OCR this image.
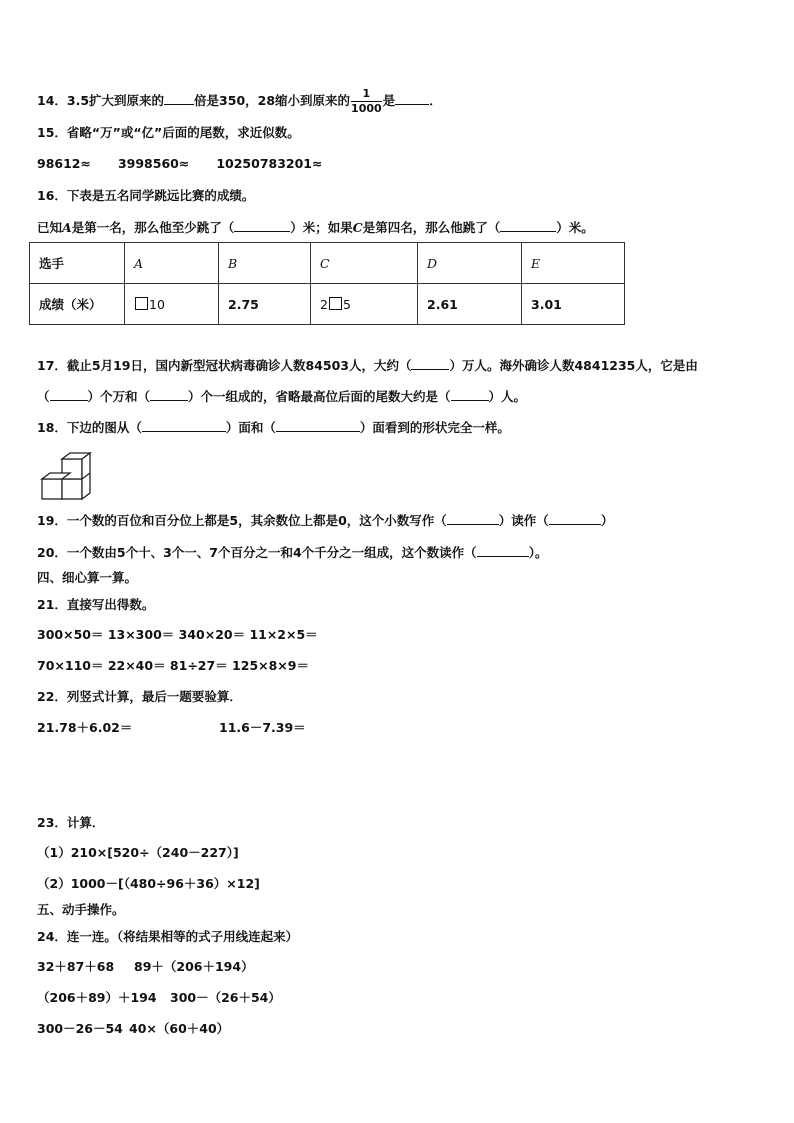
14．3.5扩大到原来的 倍是350，28缩小到原来的 $\frac{1}{1000}$ 是	．
15．省略“万”或“亿”后面的尾数，求近似数。
98612≈ 3998560≈ 10250783201≈
16．下表是五名同学跳远比赛的成绩。
已知A是第一名，那么他至少跳了（	）米；如果C是第四名，那么他跳了（	）米。
选手	A	B	C	D	E
成绩（米）	10	2.75	2 5	2.61	3.01
17．截止5月19日，国内新型冠状病毒确诊人数84503人，大约（	）万人。海外确诊人数4841235人，它是由
（	）个万和（	）个一组成的，省略最高位后面的尾数大约是（	）人。
18．下边的图从（	）面和（	）面看到的形状完全一样。
19．一个数的百位和百分位上都是5，其余数位上都是0，这个小数写作（	）读作（	）
20．一个数由5个十、3个一、7个百分之一和4个千分之一组成，这个数读作（	）。
四、细心算一算。
21．直接写出得数。
300×50＝ 13×300＝ 340×20＝ 11×2×5＝
70×110＝ 22×40＝ 81÷27＝ 125×8×9＝
22．列竖式计算，最后一题要验算．
21.78＋6.02＝	11.6－7.39＝
23．计算．
（1）210×[520÷（240－227）]
（2）1000－[（480÷96＋36）×12]
五、动手操作。
24．连一连。（将结果相等的式子用线连起来）
32＋87＋68 89＋（206＋194）
（206＋89）＋194 300－（26＋54）
300－26－54 40×（60＋40）
